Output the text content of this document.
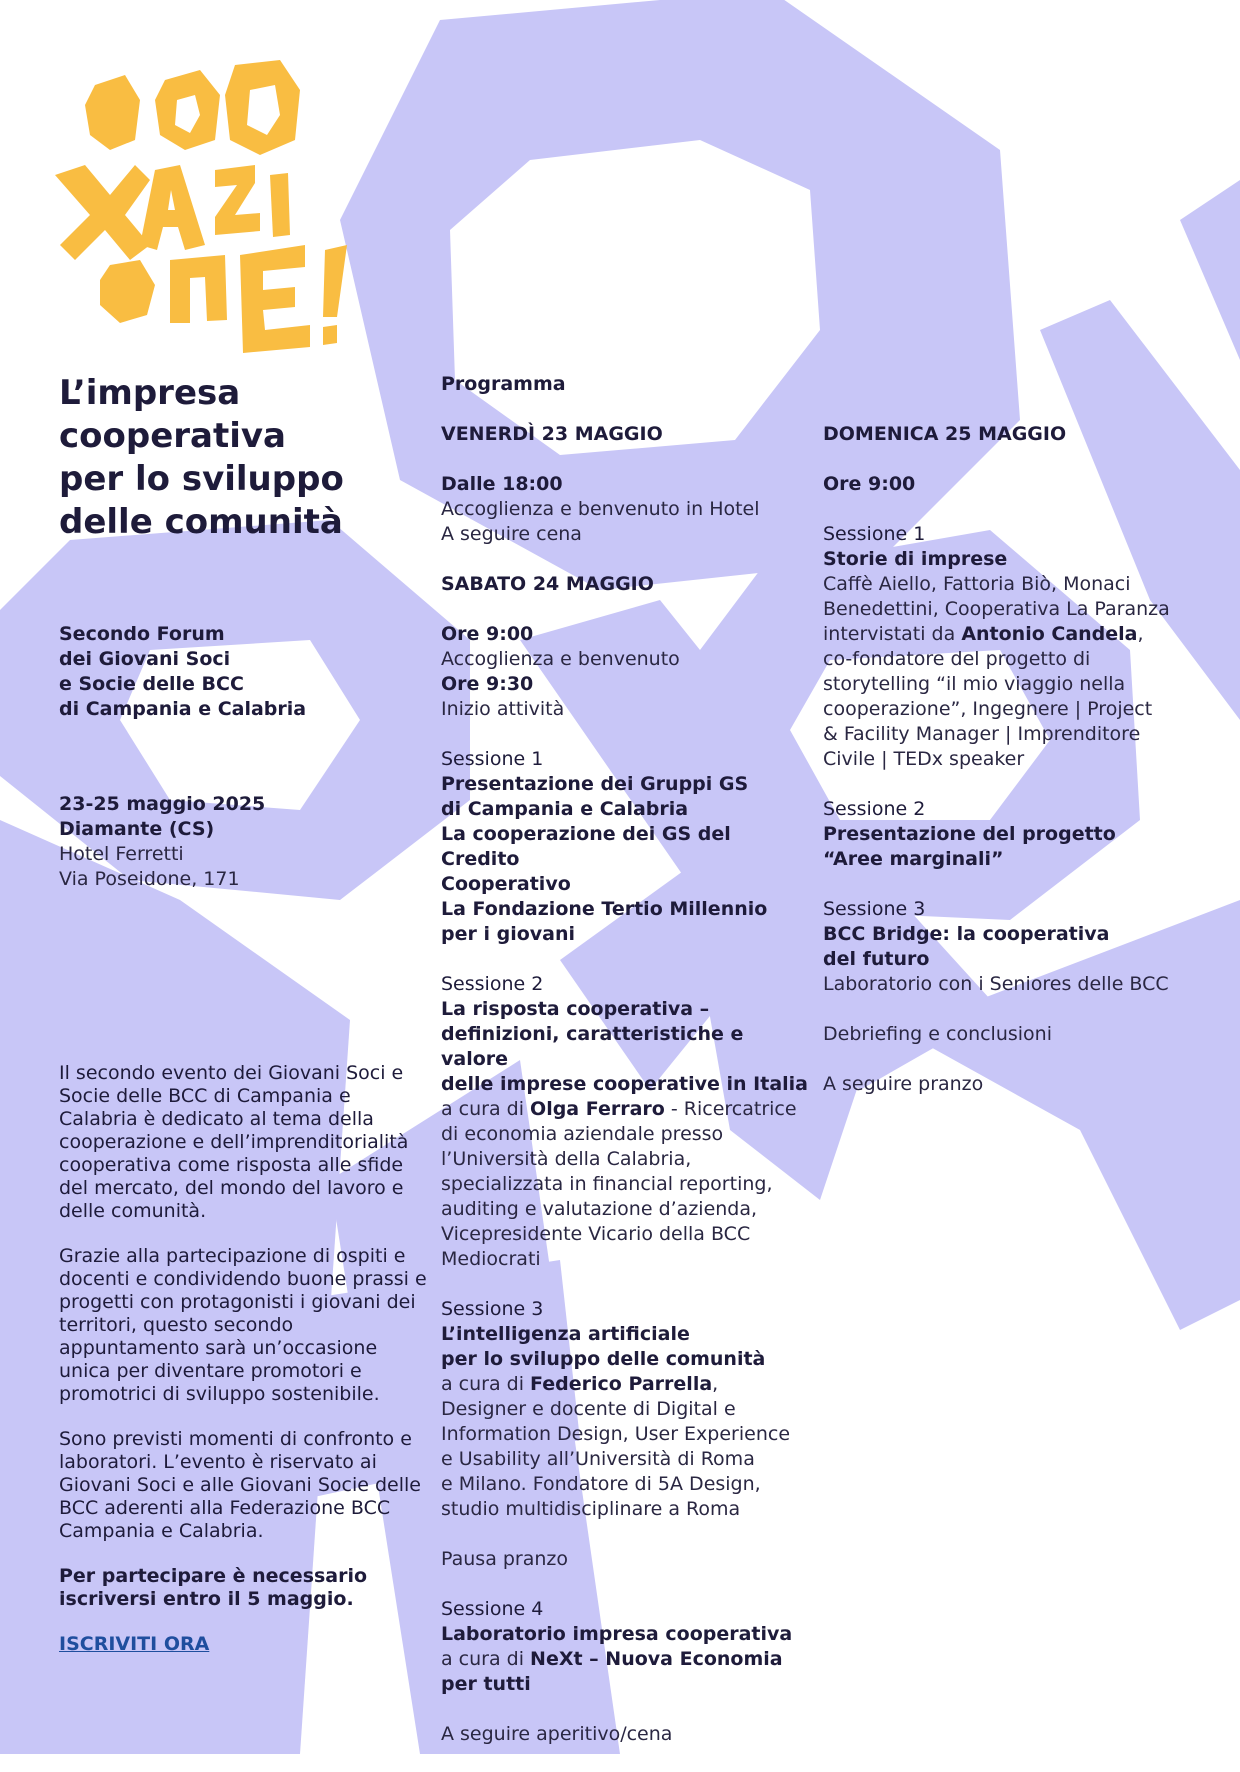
L’impresa
cooperativa
per lo sviluppo
delle comunità
Secondo Forum
dei Giovani Soci
e Socie delle BCC
di Campania e Calabria
23-25 maggio 2025
Diamante (CS)
Hotel Ferretti
Via Poseidone, 171

Il secondo evento dei Giovani Soci e Socie delle BCC di Campania e Calabria è dedicato al tema della cooperazione e dell’imprenditorialità cooperativa come risposta alle sfide del mercato, del mondo del lavoro e delle comunità.

Grazie alla partecipazione di ospiti e docenti e condividendo buone prassi e progetti con protagonisti i giovani dei territori, questo secondo appuntamento sarà un’occasione unica per diventare promotori e promotrici di sviluppo sostenibile.

Sono previsti momenti di confronto e laboratori. L’evento è riservato ai Giovani Soci e alle Giovani Socie delle BCC aderenti alla Federazione BCC Campania e Calabria.

Per partecipare è necessario iscriversi entro il 5 maggio.

ISCRIVITI ORA
Programma
VENERDÌ 23 MAGGIO
Dalle 18:00
Accoglienza e benvenuto in Hotel
A seguire cena
SABATO 24 MAGGIO
Ore 9:00
Accoglienza e benvenuto
Ore 9:30
Inizio attività
Sessione 1
Presentazione dei Gruppi GS
di Campania e Calabria
La cooperazione dei GS del Credito
Cooperativo
La Fondazione Tertio Millennio
per i giovani
Sessione 2
La risposta cooperativa –
definizioni, caratteristiche e valore
delle imprese cooperative in Italia
a cura di Olga Ferraro - Ricercatrice
di economia aziendale presso
l’Università della Calabria,
specializzata in financial reporting,
auditing e valutazione d’azienda,
Vicepresidente Vicario della BCC
Mediocrati
Sessione 3
L’intelligenza artificiale
per lo sviluppo delle comunità
a cura di Federico Parrella,
Designer e docente di Digital e
Information Design, User Experience
e Usability all’Università di Roma
e Milano. Fondatore di 5A Design,
studio multidisciplinare a Roma
Pausa pranzo
Sessione 4
Laboratorio impresa cooperativa
a cura di NeXt – Nuova Economia
per tutti
A seguire aperitivo/cena
DOMENICA 25 MAGGIO
Ore 9:00
Sessione 1
Storie di imprese
Caffè Aiello, Fattoria Biò, Monaci
Benedettini, Cooperativa La Paranza
intervistati da Antonio Candela,
co-fondatore del progetto di
storytelling “il mio viaggio nella
cooperazione”, Ingegnere | Project
& Facility Manager | Imprenditore
Civile | TEDx speaker
Sessione 2
Presentazione del progetto
“Aree marginali”
Sessione 3
BCC Bridge: la cooperativa
del futuro
Laboratorio con i Seniores delle BCC
Debriefing e conclusioni
A seguire pranzo
